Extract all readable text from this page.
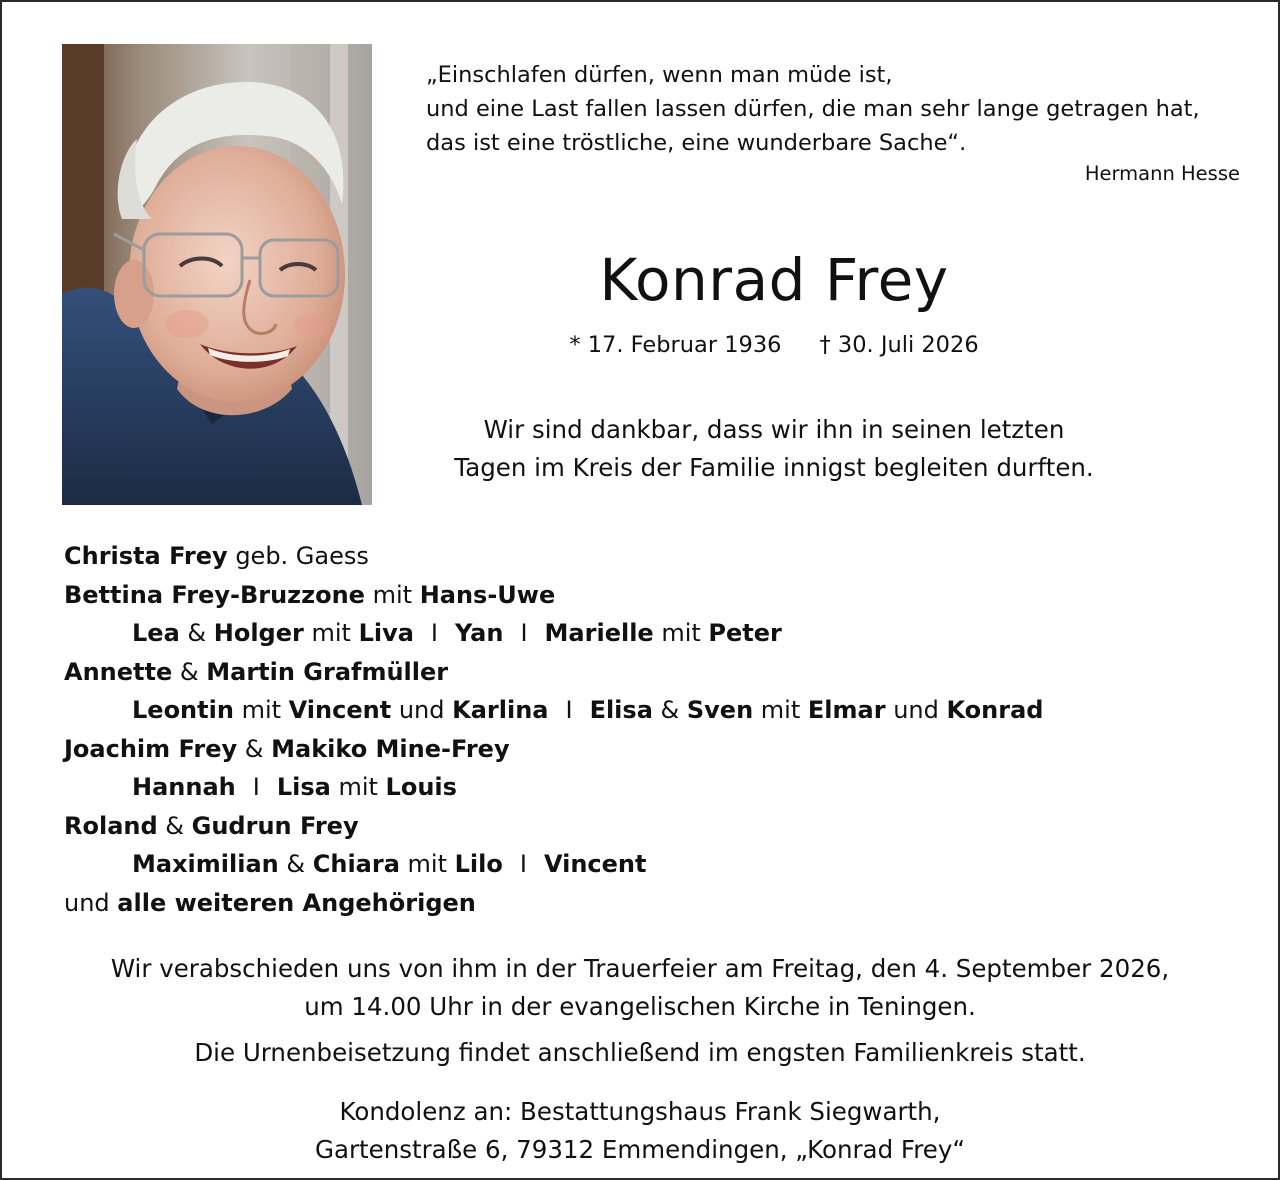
„Einschlafen dürfen, wenn man müde ist,
und eine Last fallen lassen dürfen, die man sehr lange getragen hat,
das ist eine tröstliche, eine wunderbare Sache“.
Hermann Hesse
Konrad Frey
* 17. Februar 1936 † 30. Juli 2026
Wir sind dankbar, dass wir ihn in seinen letzten
Tagen im Kreis der Familie innigst begleiten durften.
Christa Frey geb. Gaess
Bettina Frey-Bruzzone mit Hans-Uwe
Lea & Holger mit Liva I Yan I Marielle mit Peter
Annette & Martin Grafmüller
Leontin mit Vincent und Karlina I Elisa & Sven mit Elmar und Konrad
Joachim Frey & Makiko Mine-Frey
Hannah I Lisa mit Louis
Roland & Gudrun Frey
Maximilian & Chiara mit Lilo I Vincent
und alle weiteren Angehörigen
Wir verabschieden uns von ihm in der Trauerfeier am Freitag, den 4. September 2026,
um 14.00 Uhr in der evangelischen Kirche in Teningen.
Die Urnenbeisetzung findet anschließend im engsten Familienkreis statt.
Kondolenz an: Bestattungshaus Frank Siegwarth,
Gartenstraße 6, 79312 Emmendingen, „Konrad Frey“
